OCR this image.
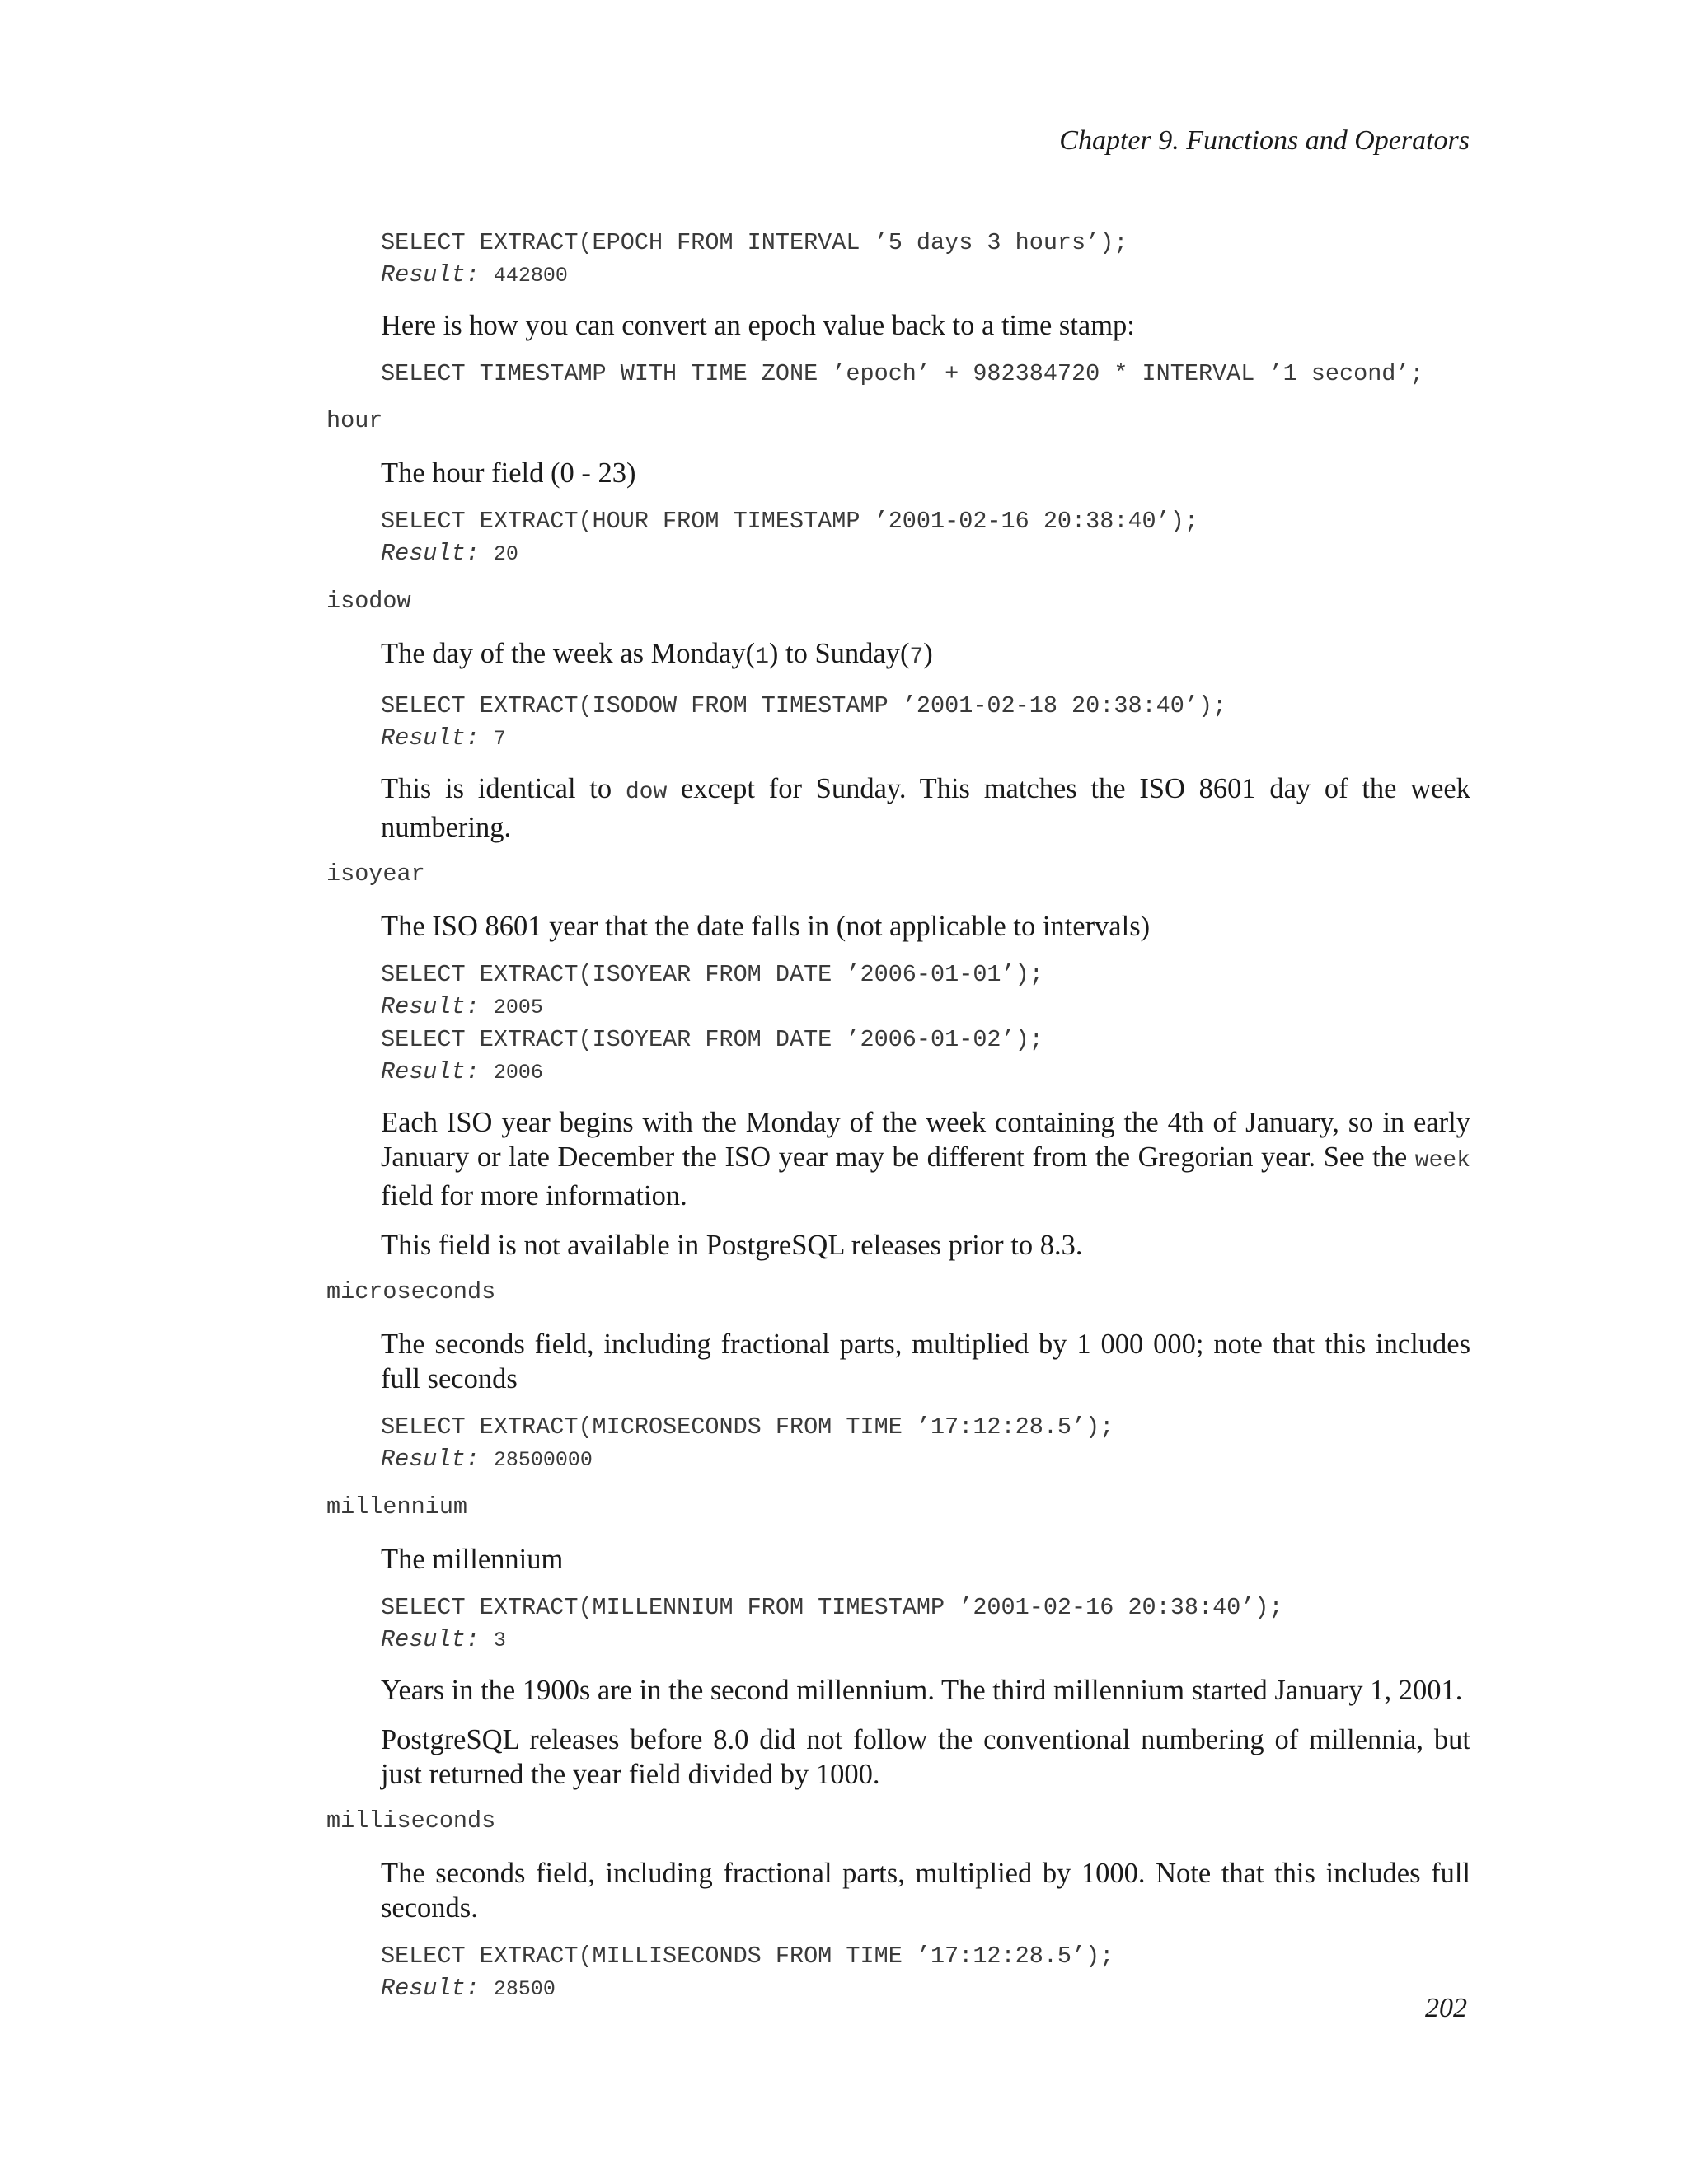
Chapter 9. Functions and Operators
SELECT EXTRACT(EPOCH FROM INTERVAL ’5 days 3 hours’);
Result: 442800

Here is how you can convert an epoch value back to a time stamp:

SELECT TIMESTAMP WITH TIME ZONE ’epoch’ + 982384720 * INTERVAL ’1 second’;
hour

The hour field (0 - 23)

SELECT EXTRACT(HOUR FROM TIMESTAMP ’2001-02-16 20:38:40’);
Result: 20
isodow

The day of the week as Monday(1) to Sunday(7)

SELECT EXTRACT(ISODOW FROM TIMESTAMP ’2001-02-18 20:38:40’);
Result: 7

This is identical to dow except for Sunday. This matches the ISO 8601 day of the week numbering.

isoyear

The ISO 8601 year that the date falls in (not applicable to intervals)

SELECT EXTRACT(ISOYEAR FROM DATE ’2006-01-01’);
Result: 2005
SELECT EXTRACT(ISOYEAR FROM DATE ’2006-01-02’);
Result: 2006

Each ISO year begins with the Monday of the week containing the 4th of January, so in early January or late December the ISO year may be different from the Gregorian year. See the week field for more information.

This field is not available in PostgreSQL releases prior to 8.3.

microseconds

The seconds field, including fractional parts, multiplied by 1 000 000; note that this includes full seconds

SELECT EXTRACT(MICROSECONDS FROM TIME ’17:12:28.5’);
Result: 28500000
millennium

The millennium

SELECT EXTRACT(MILLENNIUM FROM TIMESTAMP ’2001-02-16 20:38:40’);
Result: 3

Years in the 1900s are in the second millennium. The third millennium started January 1, 2001.

PostgreSQL releases before 8.0 did not follow the conventional numbering of millennia, but just returned the year field divided by 1000.

milliseconds

The seconds field, including fractional parts, multiplied by 1000. Note that this includes full seconds.

SELECT EXTRACT(MILLISECONDS FROM TIME ’17:12:28.5’);
Result: 28500
202
